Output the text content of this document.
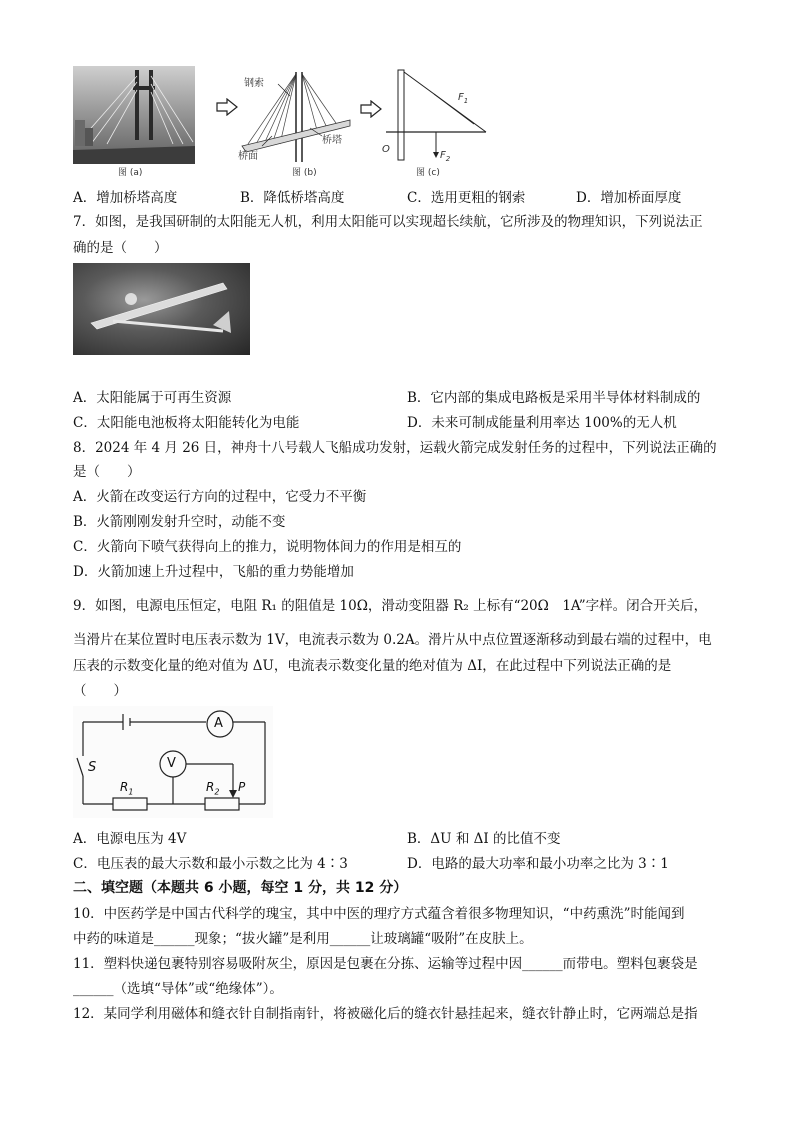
图 (a)
钢索
桥塔
桥面
图 (b)
$F_1$
O
$F_2$
图 (c)
A．增加桥塔高度	B．降低桥塔高度	C．选用更粗的钢索	D．增加桥面厚度
7．如图，是我国研制的太阳能无人机，利用太阳能可以实现超长续航，它所涉及的物理知识，下列说法正
确的是（　　）
A．太阳能属于可再生资源	B．它内部的集成电路板是采用半导体材料制成的
C．太阳能电池板将太阳能转化为电能	D．未来可制成能量利用率达 100%的无人机
8．2024 年 4 月 26 日，神舟十八号载人飞船成功发射，运载火箭完成发射任务的过程中，下列说法正确的
是（　　）
A．火箭在改变运行方向的过程中，它受力不平衡
B．火箭刚刚发射升空时，动能不变
C．火箭向下喷气获得向上的推力，说明物体间力的作用是相互的
D．火箭加速上升过程中，飞船的重力势能增加
9．如图，电源电压恒定，电阻 R₁ 的阻值是 10Ω，滑动变阻器 R₂ 上标有“20Ω　1A”字样。闭合开关后，
当滑片在某位置时电压表示数为 1V，电流表示数为 0.2A。滑片从中点位置逐渐移动到最右端的过程中，电
压表的示数变化量的绝对值为 ΔU，电流表示数变化量的绝对值为 ΔI，在此过程中下列说法正确的是
（　　）
A
V
S
$R_1$	$R_2$ P
A．电源电压为 4V	B．ΔU 和 ΔI 的比值不变
C．电压表的最大示数和最小示数之比为 4∶3	D．电路的最大功率和最小功率之比为 3∶1
二、填空题（本题共 6 小题，每空 1 分，共 12 分）
10．中医药学是中国古代科学的瑰宝，其中中医的理疗方式蕴含着很多物理知识，“中药熏洗”时能闻到
中药的味道是______现象；“拔火罐”是利用______让玻璃罐“吸附”在皮肤上。
11．塑料快递包裹特别容易吸附灰尘，原因是包裹在分拣、运输等过程中因______而带电。塑料包裹袋是
______（选填“导体”或“绝缘体”）。
12．某同学利用磁体和缝衣针自制指南针，将被磁化后的缝衣针悬挂起来，缝衣针静止时，它两端总是指
